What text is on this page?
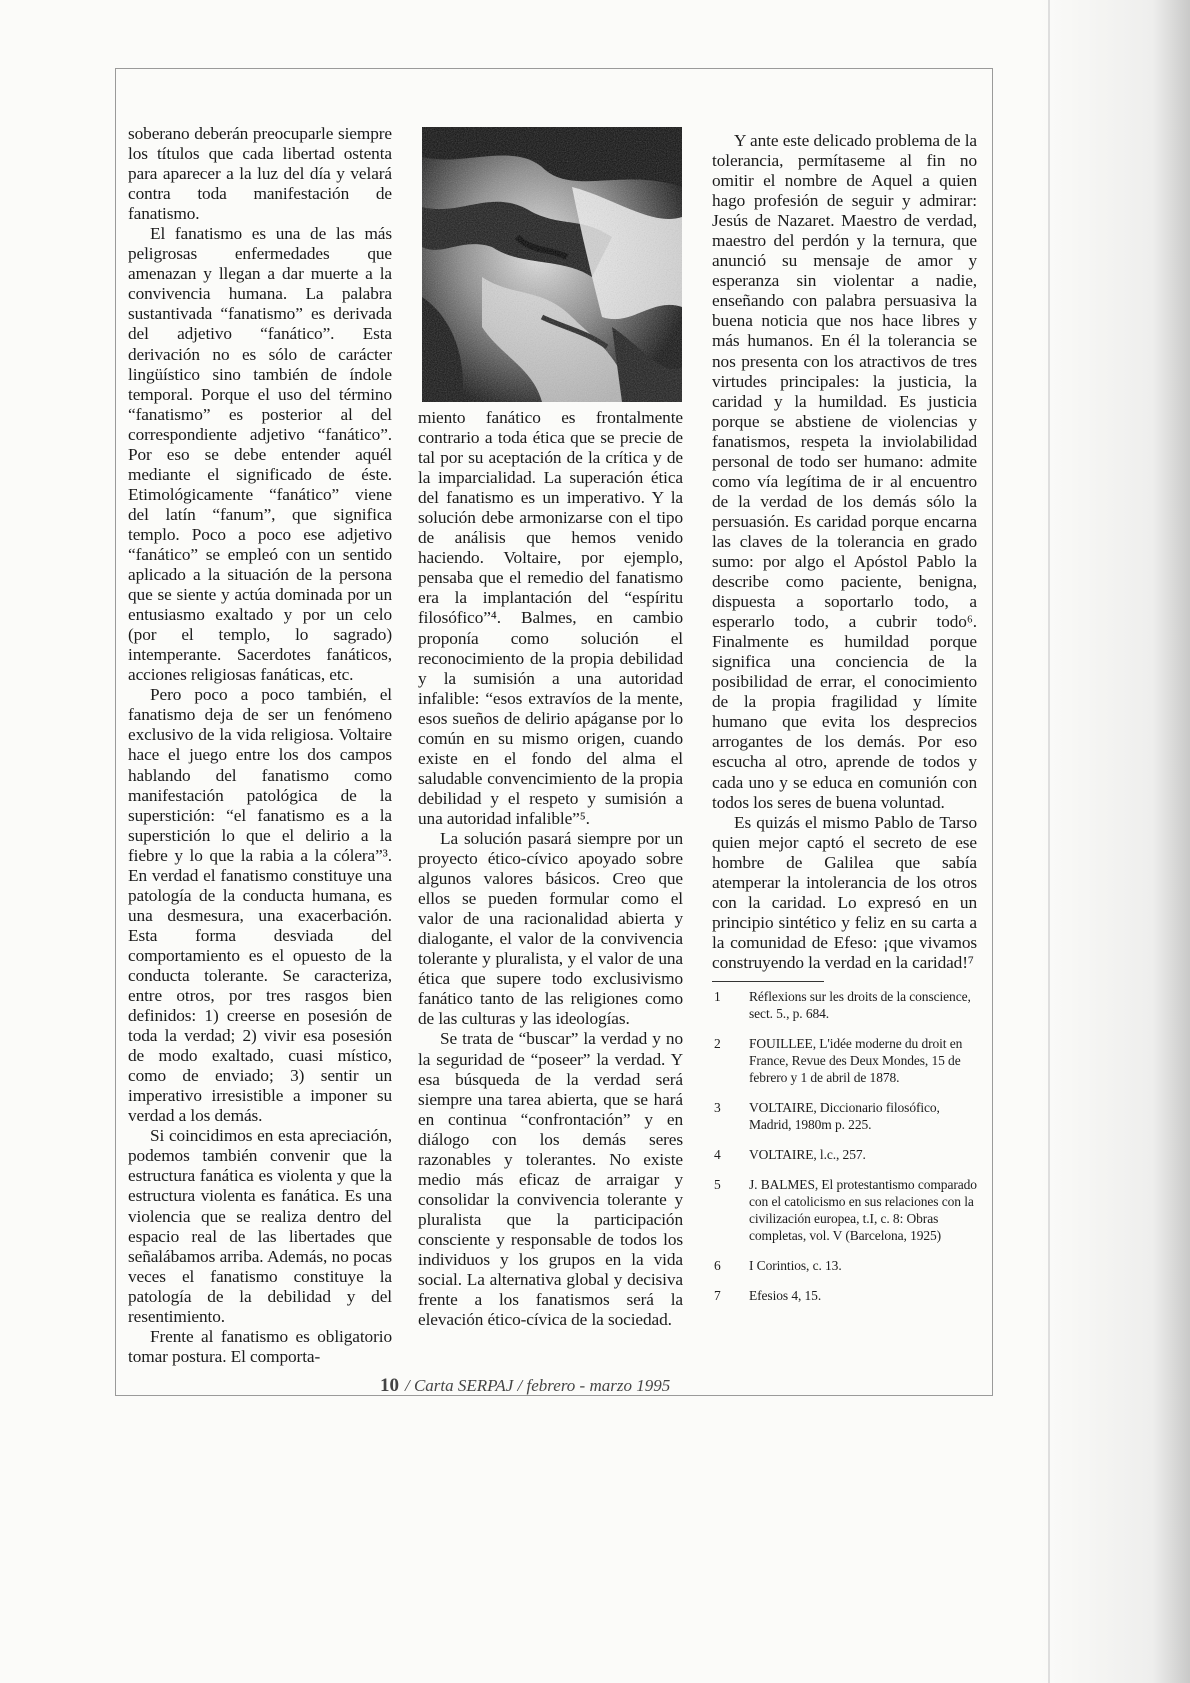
soberano deberán preocuparle siempre los títulos que cada libertad ostenta para aparecer a la luz del día y velará contra toda manifestación de fanatismo.

El fanatismo es una de las más peligrosas enfermedades que amenazan y llegan a dar muerte a la convivencia humana. La palabra sustantivada “fanatismo” es derivada del adjetivo “fanático”. Esta derivación no es sólo de carácter lingüístico sino también de índole temporal. Porque el uso del término “fanatismo” es posterior al del correspondiente adjetivo “fanático”. Por eso se debe entender aquél mediante el significado de éste. Etimológicamente “fanático” viene del latín “fanum”, que significa templo. Poco a poco ese adjetivo “fanático” se empleó con un sentido aplicado a la situación de la persona que se siente y actúa dominada por un entusiasmo exaltado y por un celo (por el templo, lo sagrado) intemperante. Sacerdotes fanáticos, acciones religiosas fanáticas, etc.

Pero poco a poco también, el fanatismo deja de ser un fenómeno exclusivo de la vida religiosa. Voltaire hace el juego entre los dos campos hablando del fanatismo como manifestación patológica de la superstición: “el fanatismo es a la superstición lo que el delirio a la fiebre y lo que la rabia a la cólera”³. En verdad el fanatismo constituye una patología de la conducta humana, es una desmesura, una exacerbación. Esta forma desviada del comportamiento es el opuesto de la conducta tolerante. Se caracteriza, entre otros, por tres rasgos bien definidos: 1) creerse en posesión de toda la verdad; 2) vivir esa posesión de modo exaltado, cuasi místico, como de enviado; 3) sentir un imperativo irresistible a imponer su verdad a los demás.

Si coincidimos en esta apreciación, podemos también convenir que la estructura fanática es violenta y que la estructura violenta es fanática. Es una violencia que se realiza dentro del espacio real de las libertades que señalábamos arriba. Además, no pocas veces el fanatismo constituye la patología de la debilidad y del resentimiento.

Frente al fanatismo es obligatorio tomar postura. El comporta-

miento fanático es frontalmente contrario a toda ética que se precie de tal por su aceptación de la crítica y de la imparcialidad. La superación ética del fanatismo es un imperativo. Y la solución debe armonizarse con el tipo de análisis que hemos venido haciendo. Voltaire, por ejemplo, pensaba que el remedio del fanatismo era la implantación del “espíritu filosófico”⁴. Balmes, en cambio proponía como solución el reconocimiento de la propia debilidad y la sumisión a una autoridad infalible: “esos extravíos de la mente, esos sueños de delirio apáganse por lo común en su mismo origen, cuando existe en el fondo del alma el saludable convencimiento de la propia debilidad y el respeto y sumisión a una autoridad infalible”⁵.

La solución pasará siempre por un proyecto ético-cívico apoyado sobre algunos valores básicos. Creo que ellos se pueden formular como el valor de una racionalidad abierta y dialogante, el valor de la convivencia tolerante y pluralista, y el valor de una ética que supere todo exclusivismo fanático tanto de las religiones como de las culturas y las ideologías.

Se trata de “buscar” la verdad y no la seguridad de “poseer” la verdad. Y esa búsqueda de la verdad será siempre una tarea abierta, que se hará en continua “confrontación” y en diálogo con los demás seres razonables y tolerantes. No existe medio más eficaz de arraigar y consolidar la convivencia tolerante y pluralista que la participación consciente y responsable de todos los individuos y los grupos en la vida social. La alternativa global y decisiva frente a los fanatismos será la elevación ético-cívica de la sociedad.

Y ante este delicado problema de la tolerancia, permítaseme al fin no omitir el nombre de Aquel a quien hago profesión de seguir y admirar: Jesús de Nazaret. Maestro de verdad, maestro del perdón y la ternura, que anunció su mensaje de amor y esperanza sin violentar a nadie, enseñando con palabra persuasiva la buena noticia que nos hace libres y más humanos. En él la tolerancia se nos presenta con los atractivos de tres virtudes principales: la justicia, la caridad y la humildad. Es justicia porque se abstiene de violencias y fanatismos, respeta la inviolabilidad personal de todo ser humano: admite como vía legítima de ir al encuentro de la verdad de los demás sólo la persuasión. Es caridad porque encarna las claves de la tolerancia en grado sumo: por algo el Apóstol Pablo la describe como paciente, benigna, dispuesta a soportarlo todo, a esperarlo todo, a cubrir todo⁶. Finalmente es humildad porque significa una conciencia de la posibilidad de errar, el conocimiento de la propia fragilidad y límite humano que evita los desprecios arrogantes de los demás. Por eso escucha al otro, aprende de todos y cada uno y se educa en comunión con todos los seres de buena voluntad.

Es quizás el mismo Pablo de Tarso quien mejor captó el secreto de ese hombre de Galilea que sabía atemperar la intolerancia de los otros con la caridad. Lo expresó en un principio sintético y feliz en su carta a la comunidad de Efeso: ¡que vivamos construyendo la verdad en la caridad!⁷

1	Réflexions sur les droits de la conscience, sect. 5., p. 684.
2	FOUILLEE, L'idée moderne du droit en France, Revue des Deux Mondes, 15 de febrero y 1 de abril de 1878.
3	VOLTAIRE, Diccionario filosófico, Madrid, 1980m p. 225.
4	VOLTAIRE, l.c., 257.
5	J. BALMES, El protestantismo comparado con el catolicismo en sus relaciones con la civilización europea, t.I, c. 8: Obras completas, vol. V (Barcelona, 1925)
6	I Corintios, c. 13.
7	Efesios 4, 15.
10 / Carta SERPAJ / febrero - marzo 1995
